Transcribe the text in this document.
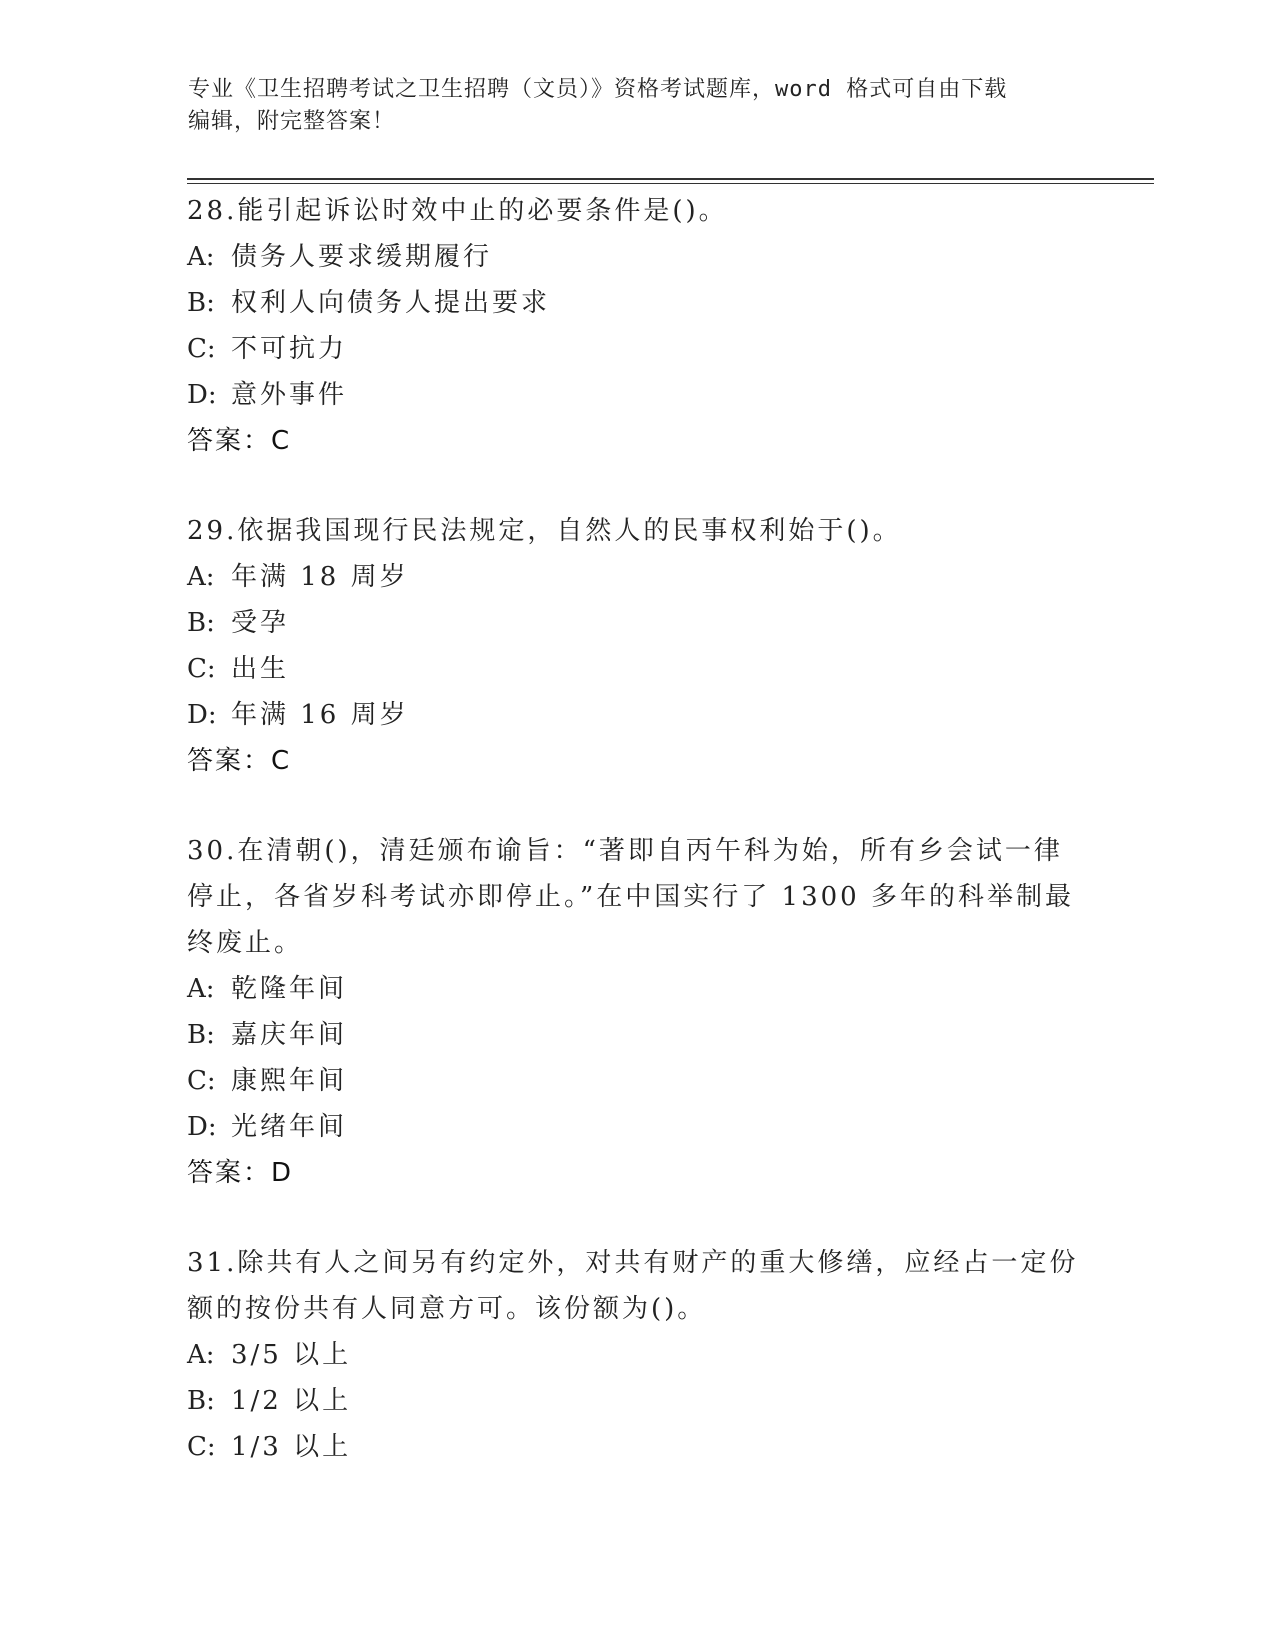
专业《卫生招聘考试之卫生招聘（文员）》资格考试题库，word 格式可自由下载
编辑，附完整答案！

28.能引起诉讼时效中止的必要条件是()。

A: 债务人要求缓期履行

B: 权利人向债务人提出要求

C: 不可抗力

D: 意外事件

答案：C

29.依据我国现行民法规定，自然人的民事权利始于()。

A: 年满 18 周岁

B: 受孕

C: 出生

D: 年满 16 周岁

答案：C

30.在清朝()，清廷颁布谕旨：“著即自丙午科为始，所有乡会试一律停止，各省岁科考试亦即停止。”在中国实行了 1300 多年的科举制最终废止。

A: 乾隆年间

B: 嘉庆年间

C: 康熙年间

D: 光绪年间

答案：D

31.除共有人之间另有约定外，对共有财产的重大修缮，应经占一定份额的按份共有人同意方可。该份额为()。

A: 3/5 以上

B: 1/2 以上

C: 1/3 以上
